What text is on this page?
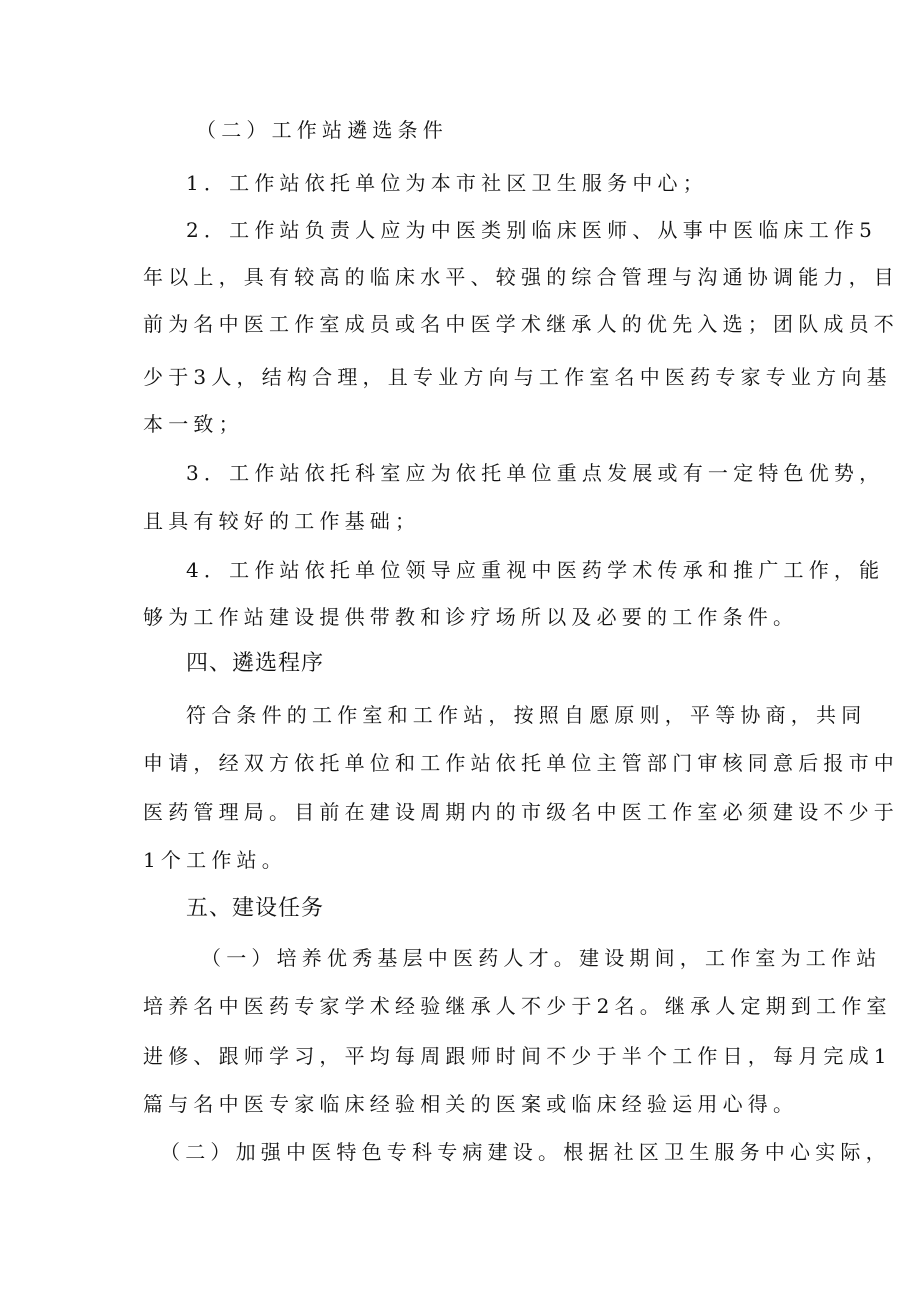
（二）工作站遴选条件
1．工作站依托单位为本市社区卫生服务中心；
2．工作站负责人应为中医类别临床医师、从事中医临床工作5
年以上，具有较高的临床水平、较强的综合管理与沟通协调能力，目
前为名中医工作室成员或名中医学术继承人的优先入选；团队成员不
少于3人，结构合理，且专业方向与工作室名中医药专家专业方向基
本一致；
3．工作站依托科室应为依托单位重点发展或有一定特色优势，
且具有较好的工作基础；
4．工作站依托单位领导应重视中医药学术传承和推广工作，能
够为工作站建设提供带教和诊疗场所以及必要的工作条件。
四、遴选程序
符合条件的工作室和工作站，按照自愿原则，平等协商，共同
申请，经双方依托单位和工作站依托单位主管部门审核同意后报市中
医药管理局。目前在建设周期内的市级名中医工作室必须建设不少于
1个工作站。
五、建设任务
（一）培养优秀基层中医药人才。建设期间，工作室为工作站
培养名中医药专家学术经验继承人不少于2名。继承人定期到工作室
进修、跟师学习，平均每周跟师时间不少于半个工作日，每月完成1
篇与名中医专家临床经验相关的医案或临床经验运用心得。
（二）加强中医特色专科专病建设。根据社区卫生服务中心实际，
